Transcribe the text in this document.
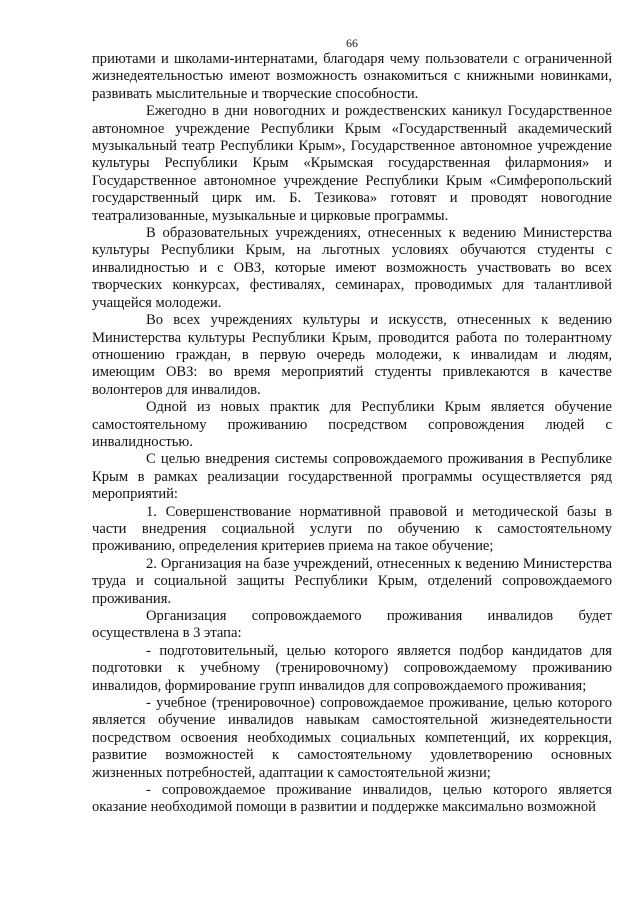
66

приютами и школами-интернатами, благодаря чему пользователи с ограниченной жизнедеятельностью имеют возможность ознакомиться с книжными новинками, развивать мыслительные и творческие способности.

Ежегодно в дни новогодних и рождественских каникул Государственное автономное учреждение Республики Крым «Государственный академический музыкальный театр Республики Крым», Государственное автономное учреждение культуры Республики Крым «Крымская государственная филармония» и Государственное автономное учреждение Республики Крым «Симферопольский государственный цирк им. Б. Тезикова» готовят и проводят новогодние театрализованные, музыкальные и цирковые программы.

В образовательных учреждениях, отнесенных к ведению Министерства культуры Республики Крым, на льготных условиях обучаются студенты с инвалидностью и с ОВЗ, которые имеют возможность участвовать во всех творческих конкурсах, фестивалях, семинарах, проводимых для талантливой учащейся молодежи.

Во всех учреждениях культуры и искусств, отнесенных к ведению Министерства культуры Республики Крым, проводится работа по толерантному отношению граждан, в первую очередь молодежи, к инвалидам и людям, имеющим ОВЗ: во время мероприятий студенты привлекаются в качестве волонтеров для инвалидов.

Одной из новых практик для Республики Крым является обучение самостоятельному проживанию посредством сопровождения людей с инвалидностью.

С целью внедрения системы сопровождаемого проживания в Республике Крым в рамках реализации государственной программы осуществляется ряд мероприятий:

1. Совершенствование нормативной правовой и методической базы в части внедрения социальной услуги по обучению к самостоятельному проживанию, определения критериев приема на такое обучение;

2. Организация на базе учреждений, отнесенных к ведению Министерства труда и социальной защиты Республики Крым, отделений сопровождаемого проживания.

Организация сопровождаемого проживания инвалидов будет осуществлена в 3 этапа:

- подготовительный, целью которого является подбор кандидатов для подготовки к учебному (тренировочному) сопровождаемому проживанию инвалидов, формирование групп инвалидов для сопровождаемого проживания;

- учебное (тренировочное) сопровождаемое проживание, целью которого является обучение инвалидов навыкам самостоятельной жизнедеятельности посредством освоения необходимых социальных компетенций, их коррекция, развитие возможностей к самостоятельному удовлетворению основных жизненных потребностей, адаптации к самостоятельной жизни;

- сопровождаемое проживание инвалидов, целью которого является оказание необходимой помощи в развитии и поддержке максимально возможной
